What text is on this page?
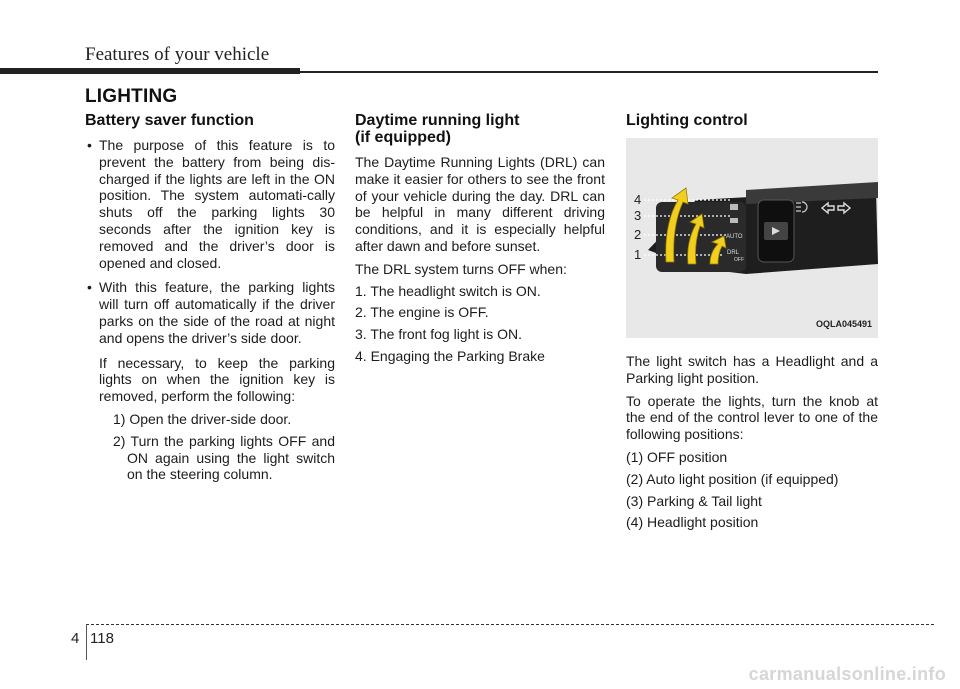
Features of your vehicle
LIGHTING
Battery saver function
• The purpose of this feature is to prevent the battery from being dis-charged if the lights are left in the ON position. The system automati-cally shuts off the parking lights 30 seconds after the ignition key is removed and the driver’s door is opened and closed.
• With this feature, the parking lights will turn off automatically if the driver parks on the side of the road at night and opens the driver’s side door.
If necessary, to keep the parking lights on when the ignition key is removed, perform the following:
1) Open the driver-side door.
2) Turn the parking lights OFF and ON again using the light switch on the steering column.
Daytime running light
(if equipped)
The Daytime Running Lights (DRL) can make it easier for others to see the front of your vehicle during the day. DRL can be helpful in many different driving conditions, and it is especially helpful after dawn and before sunset.
The DRL system turns OFF when:
1. The headlight switch is ON.
2. The engine is OFF.
3. The front fog light is ON.
4. Engaging the Parking Brake
Lighting control
DRL
OFF
AUTO
4
3
2
1
OQLA045491
The light switch has a Headlight and a Parking light position.
To operate the lights, turn the knob at the end of the control lever to one of the following positions:
(1) OFF position
(2) Auto light position (if equipped)
(3) Parking & Tail light
(4) Headlight position
4 118
carmanualsonline.info
